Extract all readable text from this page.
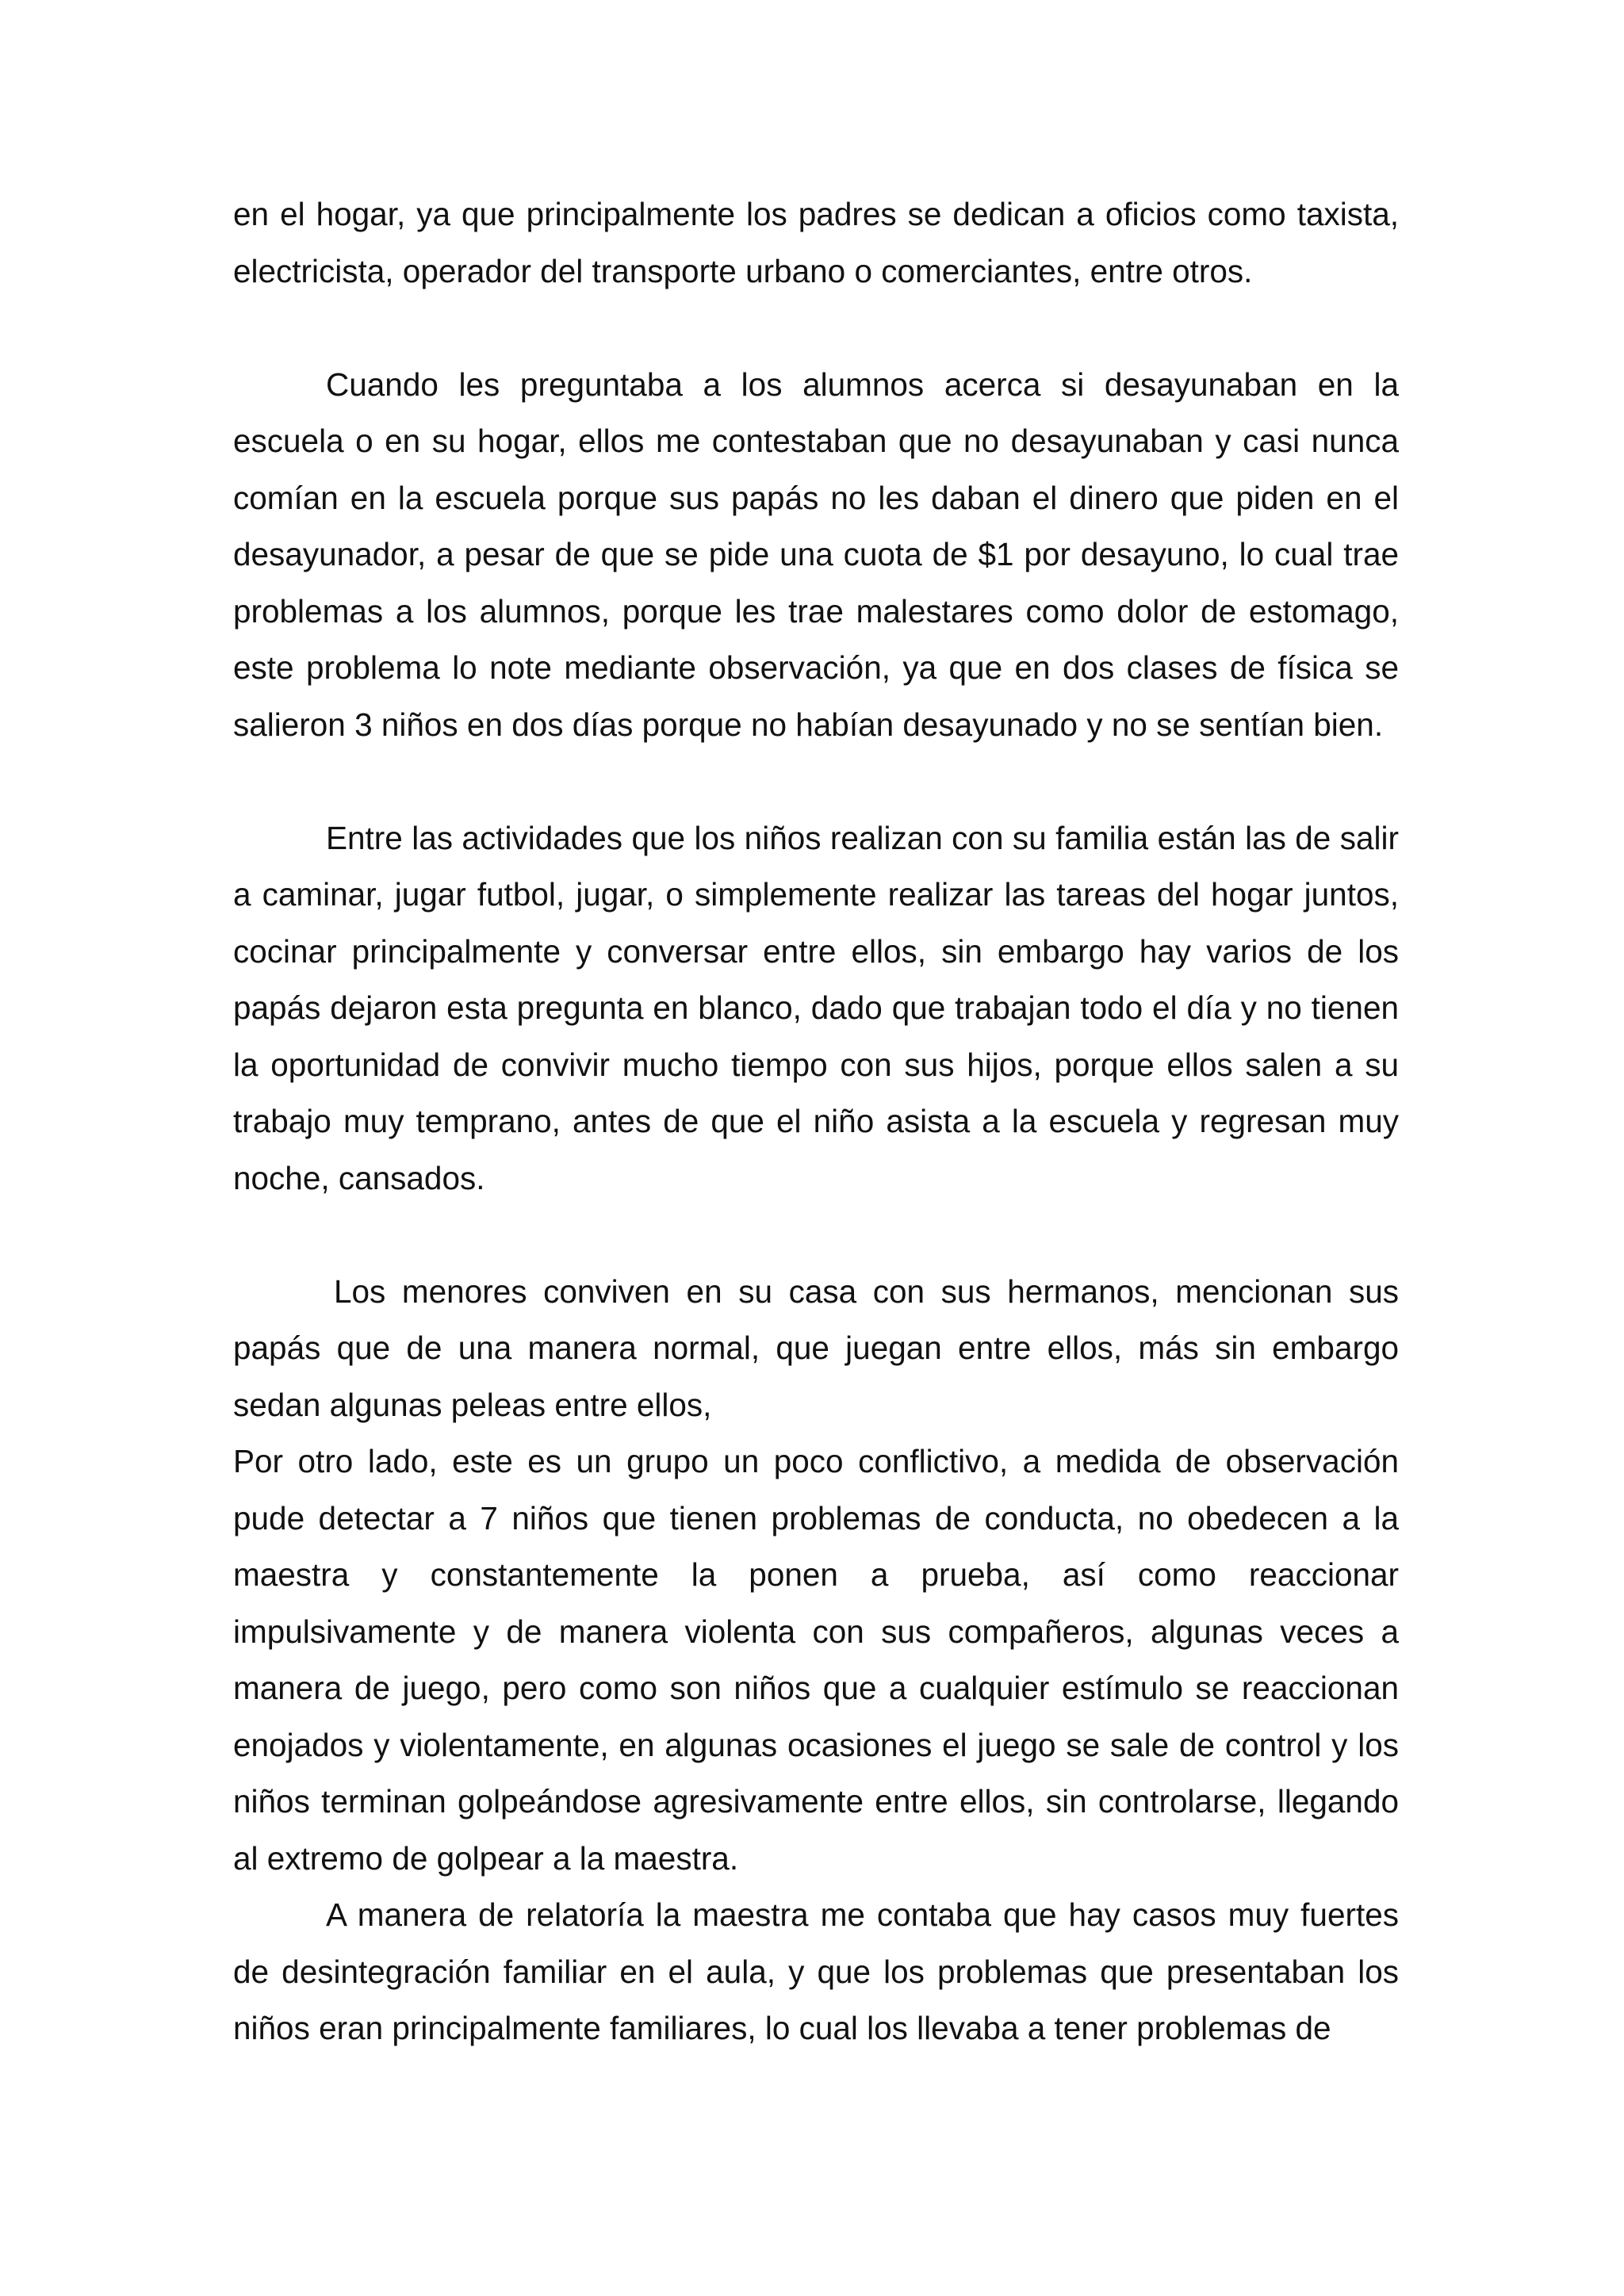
en el hogar, ya que principalmente los padres se dedican a oficios como taxista, electricista, operador del transporte urbano o comerciantes, entre otros.

Cuando les preguntaba a los alumnos acerca si desayunaban en la escuela o en su hogar, ellos me contestaban que no desayunaban y casi nunca comían en la escuela porque sus papás no les daban el dinero que piden en el desayunador, a pesar de que se pide una cuota de $1 por desayuno, lo cual trae problemas a los alumnos, porque les trae malestares como dolor de estomago, este problema lo note mediante observación, ya que en dos clases de física se salieron 3 niños en dos días porque no habían desayunado y no se sentían bien.

Entre las actividades que los niños realizan con su familia están las de salir a caminar, jugar futbol, jugar, o simplemente realizar las tareas del hogar juntos, cocinar principalmente y conversar entre ellos, sin embargo hay varios de los papás dejaron esta pregunta en blanco, dado que trabajan todo el día y no tienen la oportunidad de convivir mucho tiempo con sus hijos, porque ellos salen a su trabajo muy temprano, antes de que el niño asista a la escuela y regresan muy noche, cansados.

Los menores conviven en su casa con sus hermanos, mencionan sus papás que de una manera normal, que juegan entre ellos, más sin embargo sedan algunas peleas entre ellos,

Por otro lado, este es un grupo un poco conflictivo, a medida de observación pude detectar a 7 niños que tienen problemas de conducta, no obedecen a la maestra y constantemente la ponen a prueba, así como reaccionar impulsivamente y de manera violenta con sus compañeros, algunas veces a manera de juego, pero como son niños que a cualquier estímulo se reaccionan enojados y violentamente, en algunas ocasiones el juego se sale de control y los niños terminan golpeándose agresivamente entre ellos, sin controlarse, llegando al extremo de golpear a la maestra.

A manera de relatoría la maestra me contaba que hay casos muy fuertes de desintegración familiar en el aula, y que los problemas que presentaban los niños eran principalmente familiares, lo cual los llevaba a tener problemas de
